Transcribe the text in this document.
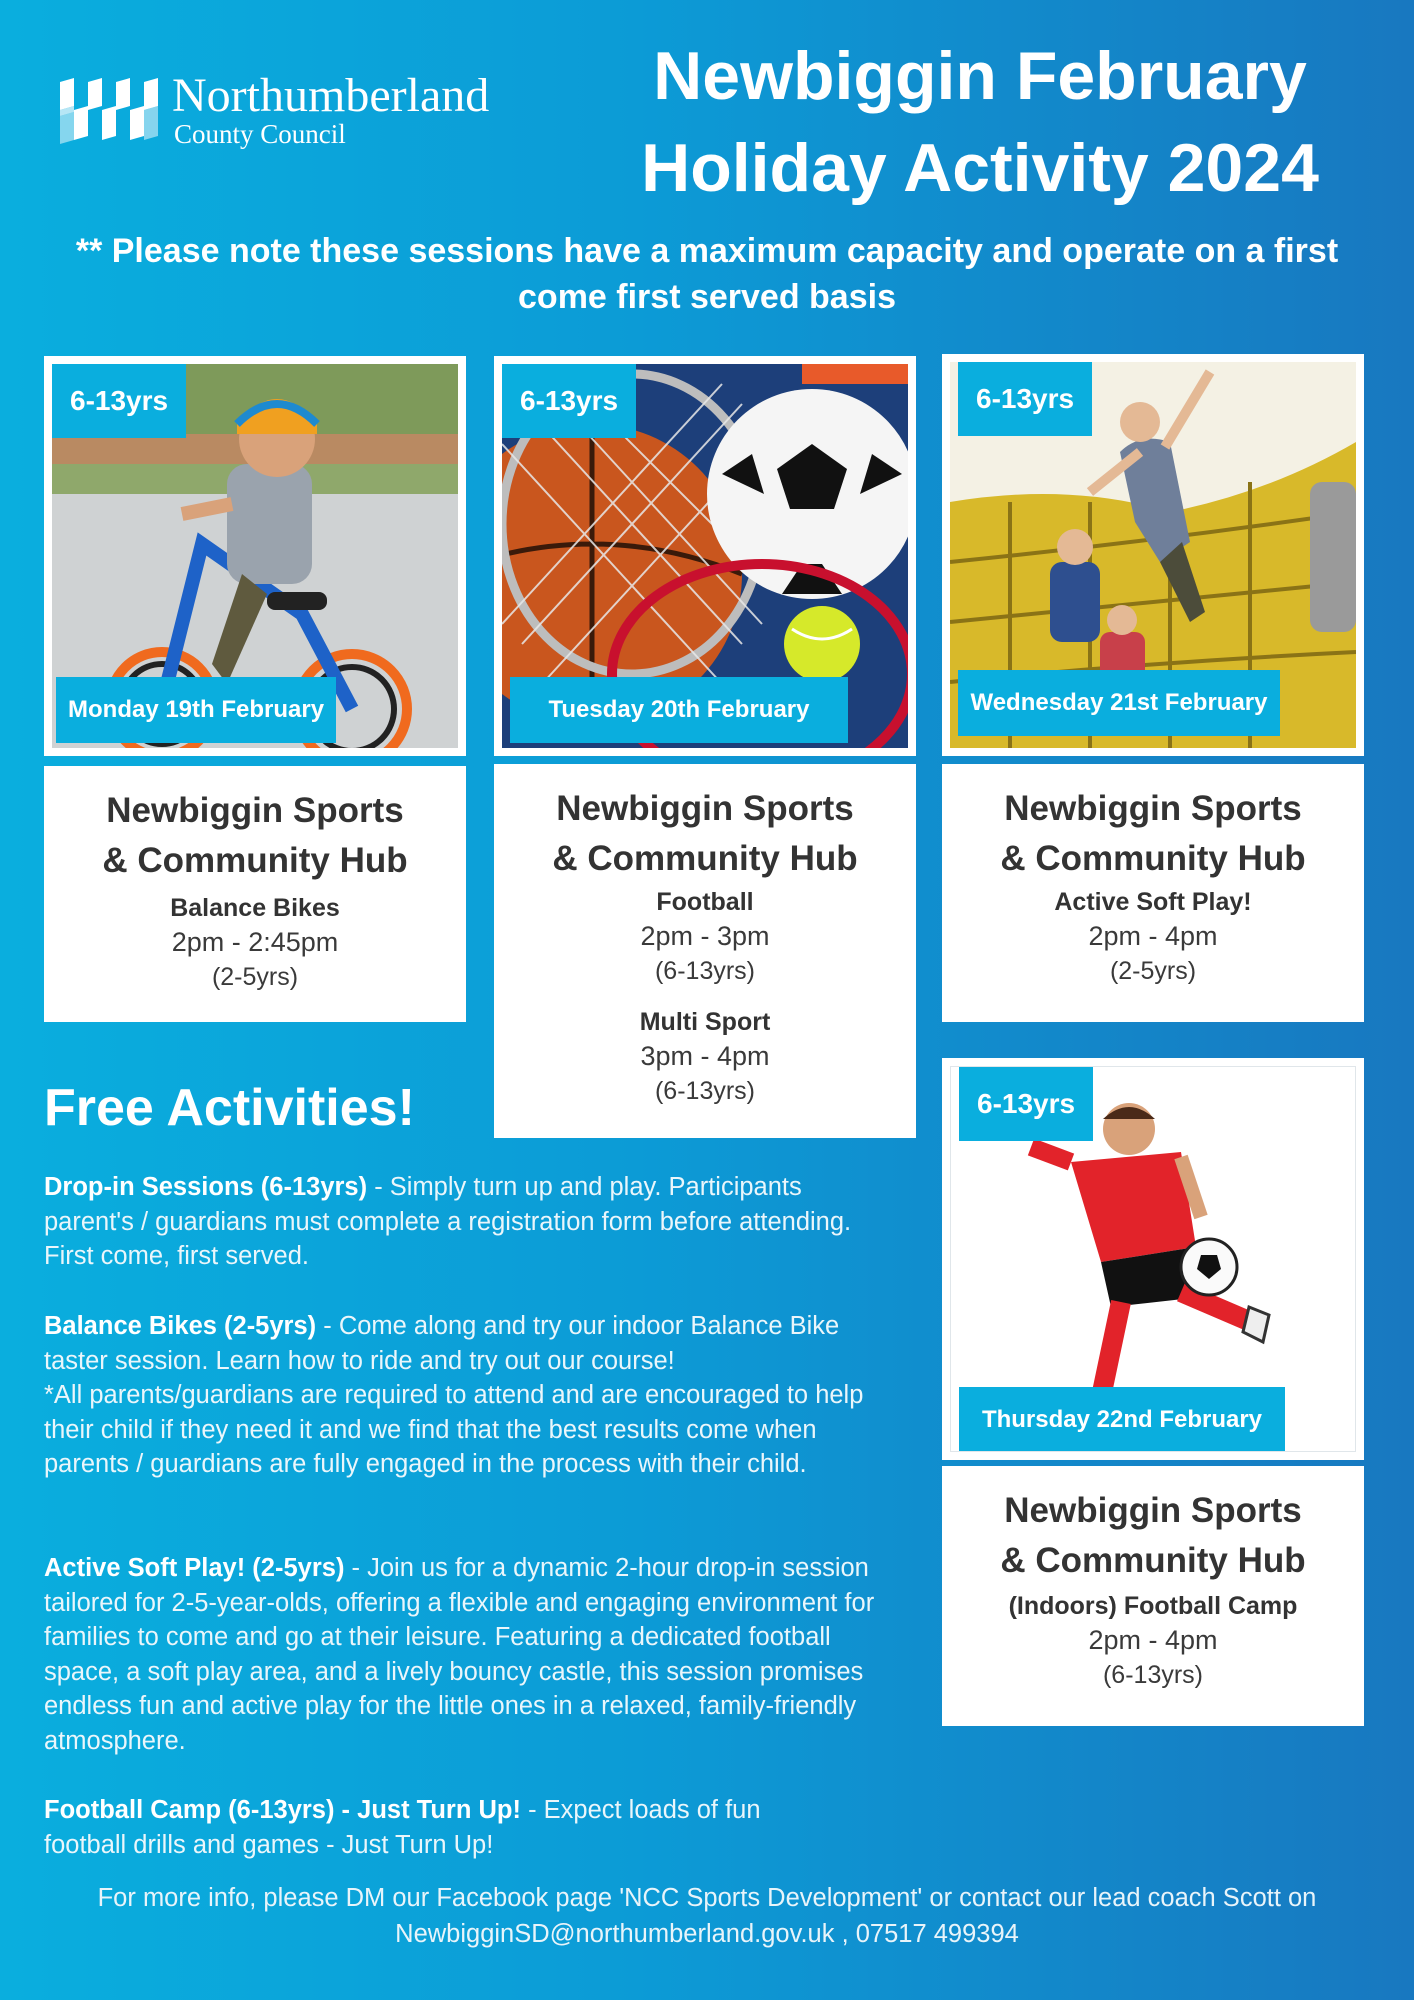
Northumberland
County Council
Newbiggin February
Holiday Activity 2024

** Please note these sessions have a maximum capacity and operate on a first come first served basis

6-13yrs
Monday 19th February

Newbiggin Sports

& Community Hub

Balance Bikes

2pm - 2:45pm

(2-5yrs)

6-13yrs
Tuesday 20th February

Newbiggin Sports

& Community Hub

Football

2pm - 3pm

(6-13yrs)

Multi Sport

3pm - 4pm

(6-13yrs)

6-13yrs
Wednesday 21st February

Newbiggin Sports

& Community Hub

Active Soft Play!

2pm - 4pm

(2-5yrs)

6-13yrs
Thursday 22nd February

Newbiggin Sports

& Community Hub

(Indoors) Football Camp

2pm - 4pm

(6-13yrs)

Free Activities!

Drop-in Sessions (6-13yrs) - Simply turn up and play. Participants parent's / guardians must complete a registration form before attending. First come, first served.

Balance Bikes (2-5yrs) - Come along and try our indoor Balance Bike taster session. Learn how to ride and try out our course!
*All parents/guardians are required to attend and are encouraged to help their child if they need it and we find that the best results come when parents / guardians are fully engaged in the process with their child.

Active Soft Play! (2-5yrs) - Join us for a dynamic 2-hour drop-in session tailored for 2-5-year-olds, offering a flexible and engaging environment for families to come and go at their leisure. Featuring a dedicated football space, a soft play area, and a lively bouncy castle, this session promises endless fun and active play for the little ones in a relaxed, family-friendly atmosphere.

Football Camp (6-13yrs) - Just Turn Up! - Expect loads of fun football drills and games - Just Turn Up!

For more info, please DM our Facebook page 'NCC Sports Development' or contact our lead coach Scott on
NewbigginSD@northumberland.gov.uk , 07517 499394
